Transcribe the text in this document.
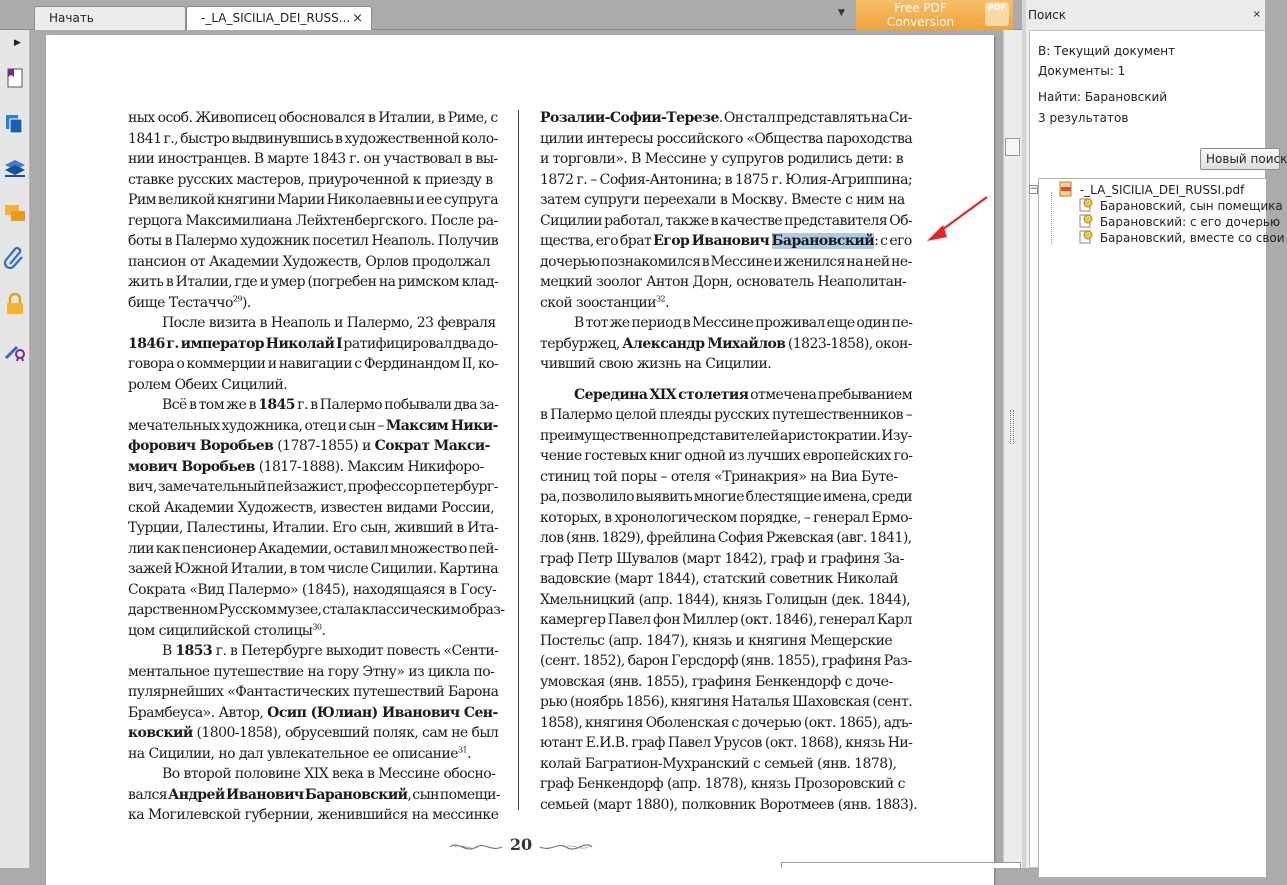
Начать	-_LA_SICILIA_DEI_RUSS... ×	▼	Free PDF
Conversion
PDF
▶
ных особ. Живописец обосновался в Италии, в Риме, с
1841 г., быстро выдвинувшись в художественной коло-
нии иностранцев. В марте 1843 г. он участвовал в вы-
ставке русских мастеров, приуроченной к приезду в
Рим великой княгини Марии Николаевны и ее супруга
герцога Максимилиана Лейхтенбергского. После ра-
боты в Палермо художник посетил Неаполь. Получив
пансион от Академии Художеств, Орлов продолжал
жить в Италии, где и умер (погребен на римском клад-
бище Тестаччо$^{29}$).
После визита в Неаполь и Палермо, 23 февраля
1846 г. император Николай I ратифицировал два до-
говора о коммерции и навигации с Фердинандом II, ко-
ролем Обеих Сицилий.
Всё в том же в 1845 г. в Палермо побывали два за-
мечательных художника, отец и сын – Максим Ники-
форович Воробьев (1787-1855) и Сократ Макси-
мович Воробьев (1817-1888). Максим Никифоро-
вич, замечательный пейзажист, профессор петербург-
ской Академии Художеств, известен видами России,
Турции, Палестины, Италии. Его сын, живший в Ита-
лии как пенсионер Академии, оставил множество пей-
зажей Южной Италии, в том числе Сицилии. Картина
Сократа «Вид Палермо» (1845), находящаяся в Госу-
дарственном Русском музее, стала классическим образ-
цом сицилийской столицы$^{30}$.
В 1853 г. в Петербурге выходит повесть «Сенти-
ментальное путешествие на гору Этну» из цикла по-
пулярнейших «Фантастических путешествий Барона
Брамбеуса». Автор, Осип (Юлиан) Иванович Сен-
ковский (1800-1858), обрусевший поляк, сам не был
на Сицилии, но дал увлекательное ее описание$^{31}$.
Во второй половине XIX века в Мессине обосно-
вался Андрей Иванович Барановский, сын помещи-
ка Могилевской губернии, женившийся на мессинке
Розалии-Софии-Терезе. Он стал представлять на Си-
цилии интересы российского «Общества пароходства
и торговли». В Мессине у супругов родились дети: в
1872 г. – София-Антонина; в 1875 г. Юлия-Агриппина;
затем супруги переехали в Москву. Вместе с ним на
Сицилии работал, также в качестве представителя Об-
щества, его брат Егор Иванович Барановский: с его
дочерью познакомился в Мессине и женился на ней не-
мецкий зоолог Антон Дорн, основатель Неаполитан-
ской зоостанции$^{32}$.
В тот же период в Мессине проживал еще один пе-
тербуржец, Александр Михайлов (1823-1858), окон-
чивший свою жизнь на Сицилии.
Середина XIX столетия отмечена пребыванием
в Палермо целой плеяды русских путешественников –
преимущественно представителей аристократии. Изу-
чение гостевых книг одной из лучших европейских го-
стиниц той поры – отеля «Тринакрия» на Виа Буте-
ра, позволило выявить многие блестящие имена, среди
которых, в хронологическом порядке, – генерал Ермо-
лов (янв. 1829), фрейлина София Ржевская (авг. 1841),
граф Петр Шувалов (март 1842), граф и графиня За-
вадовские (март 1844), статский советник Николай
Хмельницкий (апр. 1844), князь Голицын (дек. 1844),
камергер Павел фон Миллер (окт. 1846), генерал Карл
Постельс (апр. 1847), князь и княгиня Мещерские
(сент. 1852), барон Герсдорф (янв. 1855), графиня Раз-
умовская (янв. 1855), графиня Бенкендорф с доче-
рью (ноябрь 1856), княгиня Наталья Шаховская (сент.
1858), княгиня Оболенская с дочерью (окт. 1865), адъ-
ютант Е.И.В. граф Павел Урусов (окт. 1868), князь Ни-
колай Багратион-Мухранский с семьей (янв. 1878),
граф Бенкендорф (апр. 1878), князь Прозоровский с
семьей (март 1880), полковник Воротмеев (янв. 1883).
20
Поиск	×
В: Текущий документ
Документы: 1
Найти: Барановский
3 результатов
Новый поиск
−	-_LA_SICILIA_DEI_RUSSI.pdf
Барановский, сын помещика
Барановский: с его дочерью
Барановский, вместе со свои
